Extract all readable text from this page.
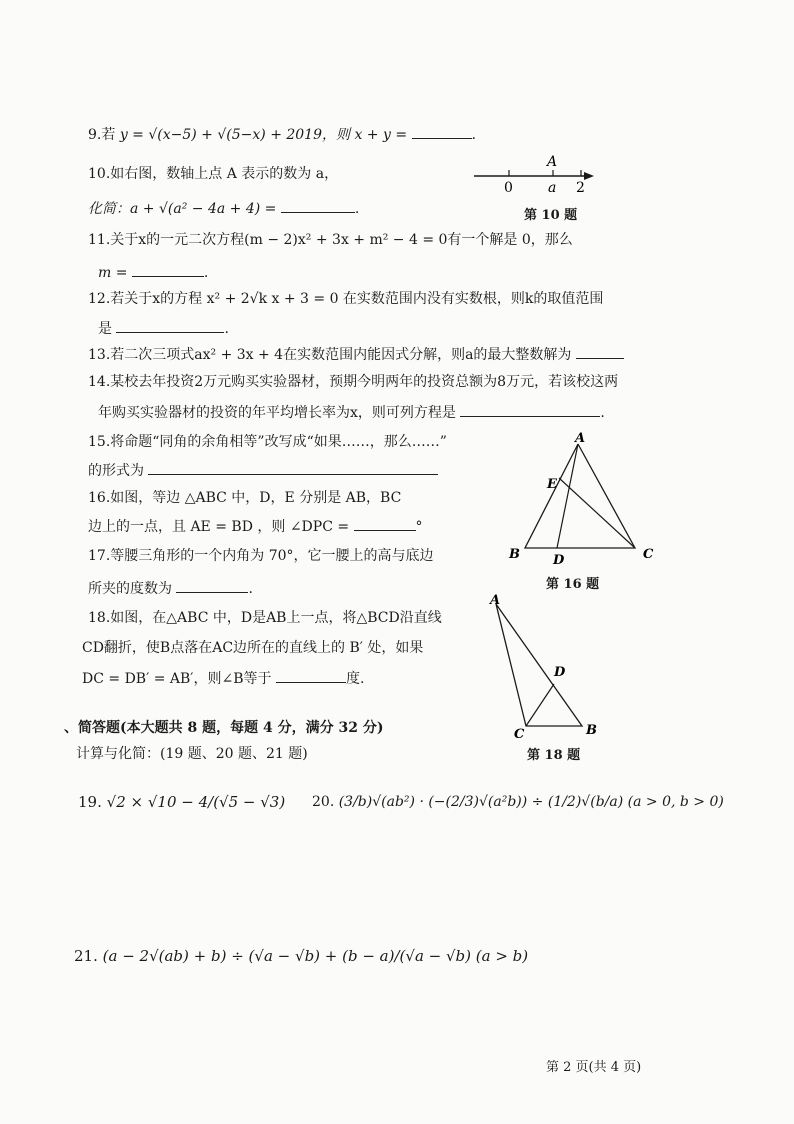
9.若 y = √(x−5) + √(5−x) + 2019，则 x + y =	.
10.如右图，数轴上点 A 表示的数为 a，
化简：a + √(a² − 4a + 4) =	.
A
0	a 2
第 10 题
11.关于x的一元二次方程(m − 2)x² + 3x + m² − 4 = 0有一个解是 0，那么
m =	.
12.若关于x的方程 x² + 2√k x + 3 = 0 在实数范围内没有实数根，则k的取值范围
是	.
13.若二次三项式ax² + 3x + 4在实数范围内能因式分解，则a的最大整数解为
14.某校去年投资2万元购买实验器材，预期今明两年的投资总额为8万元，若该校这两
年购买实验器材的投资的年平均增长率为x，则可列方程是	.
15.将命题“同角的余角相等”改写成“如果……，那么……”
的形式为
16.如图，等边 △ABC 中，D，E 分别是 AB，BC
边上的一点，且 AE = BD ，则 ∠DPC =	°
A
E
B	D	C
第 16 题
17.等腰三角形的一个内角为 70°，它一腰上的高与底边
所夹的度数为	.
18.如图，在△ABC 中，D是AB上一点，将△BCD沿直线
CD翻折，使B点落在AC边所在的直线上的 B′ 处，如果
DC = DB′ = AB′，则∠B等于	度.
A
D
C	B
第 18 题
、简答题(本大题共 8 题，每题 4 分，满分 32 分)
计算与化简：(19 题、20 题、21 题)
19. √2 × √10 − 4/(√5 − √3) 20. (3/b)√(ab²) · (−(2/3)√(a²b)) ÷ (1/2)√(b/a) (a > 0, b > 0)
21. (a − 2√(ab) + b) ÷ (√a − √b) + (b − a)/(√a − √b) (a > b)
第 2 页(共 4 页)
